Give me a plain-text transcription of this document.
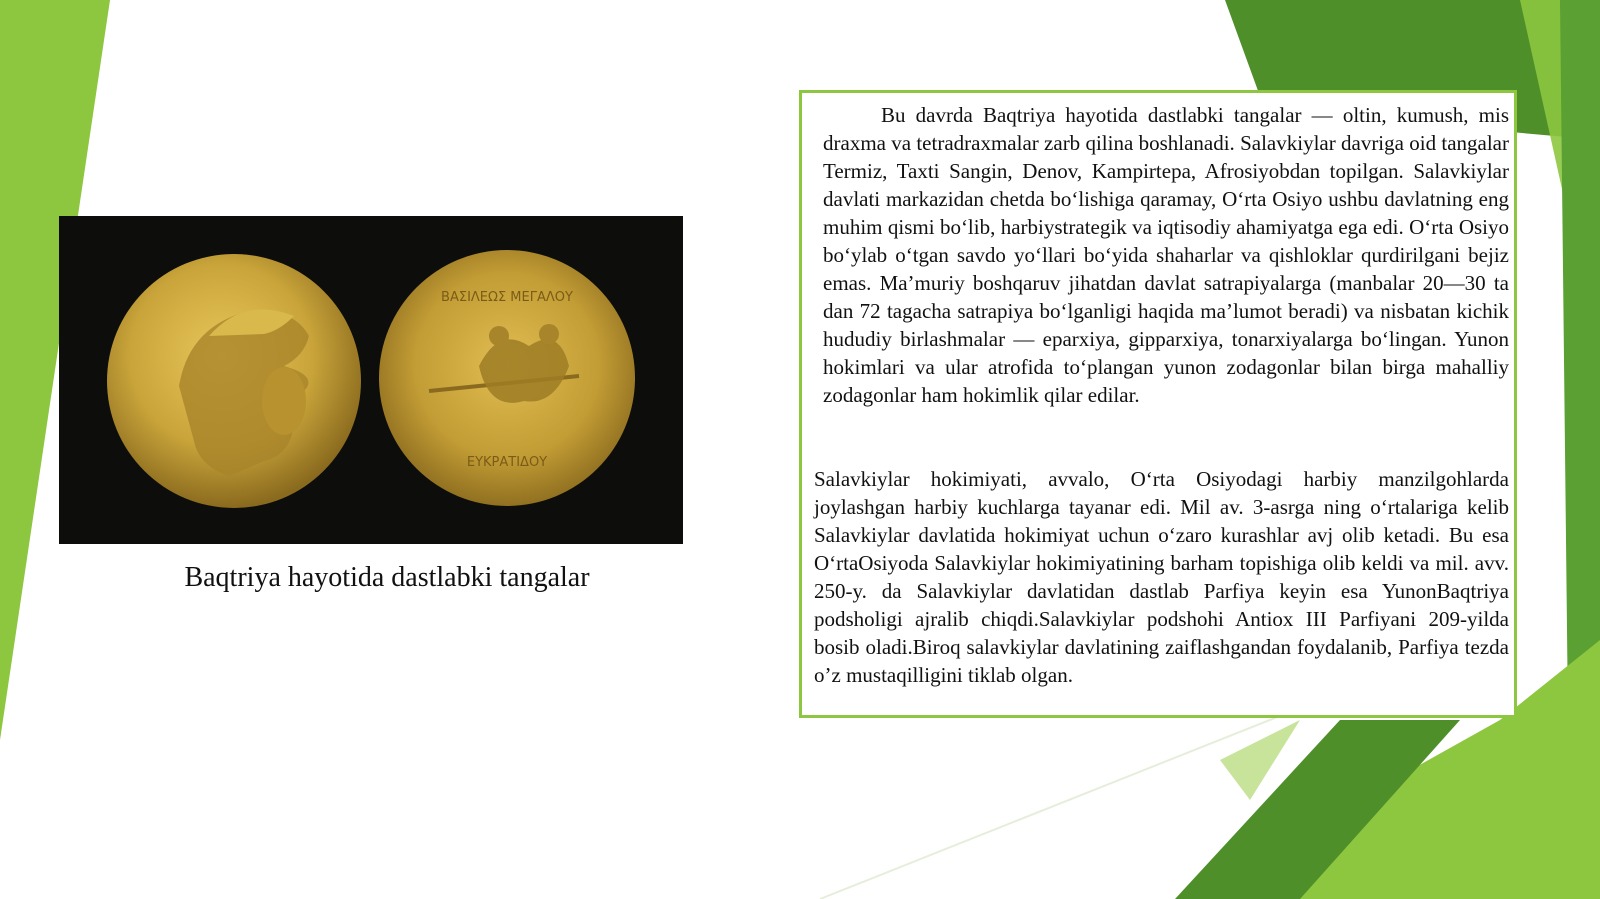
ΒΑΣΙΛΕΩΣ ΜΕΓΑΛΟΥ
ΕΥΚΡΑΤΙΔΟΥ
Baqtriya hayotida dastlabki tangalar
Bu davrda Baqtriya hayotida dastlabki tangalar — oltin, kumush, mis draxma va tetradraxmalar zarb qilina boshlanadi. Salavkiylar davriga oid tangalar Termiz, Taxti Sangin, Denov, Kampirtepa, Afrosiyobdan topilgan. Salavkiylar davlati markazidan chetda boʻlishiga qaramay, Oʻrta Osiyo ushbu davlatning eng muhim qismi boʻlib, harbiystrategik va iqtisodiy ahamiyatga ega edi. Oʻrta Osiyo boʻylab oʻtgan savdo yoʻllari boʻyida shaharlar va qishloklar qurdirilgani bejiz emas. Ma’muriy boshqaruv jihatdan davlat satrapiyalarga (manbalar 20—30 ta dan 72 tagacha satrapiya boʻlganligi haqida ma’lumot beradi) va nisbatan kichik hududiy birlashmalar — eparxiya, gipparxiya, tonarxiyalarga boʻlingan. Yunon hokimlari va ular atrofida toʻplangan yunon zodagonlar bilan birga mahalliy zodagonlar ham hokimlik qilar edilar.
Salavkiylar hokimiyati, avvalo, Oʻrta Osiyodagi harbiy manzilgohlarda joylashgan harbiy kuchlarga tayanar edi. Mil av. 3-asrga ning oʻrtalariga kelib Salavkiylar davlatida hokimiyat uchun oʻzaro kurashlar avj olib ketadi. Bu esa OʻrtaOsiyoda Salavkiylar hokimiyatining barham topishiga olib keldi va mil. avv. 250-y. da Salavkiylar davlatidan dastlab Parfiya keyin esa YunonBaqtriya podsholigi ajralib chiqdi.Salavkiylar podshohi Antiox III Parfiyani 209-yilda bosib oladi.Biroq salavkiylar davlatining zaiflashgandan foydalanib, Parfiya tezda o’z mustaqilligini tiklab olgan.
